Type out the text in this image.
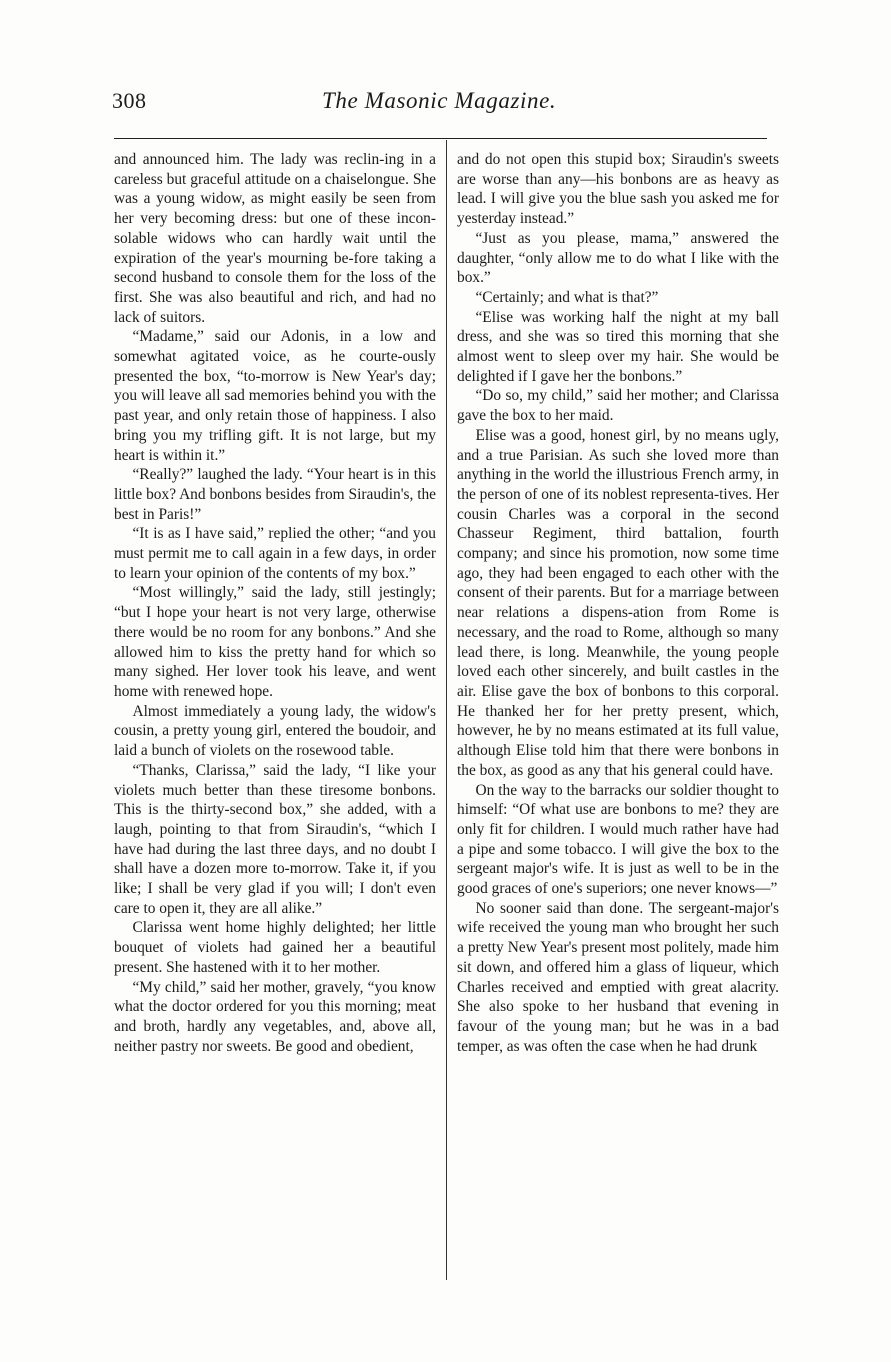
308	The Masonic Magazine.

and announced him. The lady was reclin-ing in a careless but graceful attitude on a chaiselongue. She was a young widow, as might easily be seen from her very becoming dress: but one of these incon-solable widows who can hardly wait until the expiration of the year's mourning be-fore taking a second husband to console them for the loss of the first. She was also beautiful and rich, and had no lack of suitors.

“Madame,” said our Adonis, in a low and somewhat agitated voice, as he courte-ously presented the box, “to-morrow is New Year's day; you will leave all sad memories behind you with the past year, and only retain those of happiness. I also bring you my trifling gift. It is not large, but my heart is within it.”

“Really?” laughed the lady. “Your heart is in this little box? And bonbons besides from Siraudin's, the best in Paris!”

“It is as I have said,” replied the other; “and you must permit me to call again in a few days, in order to learn your opinion of the contents of my box.”

“Most willingly,” said the lady, still jestingly; “but I hope your heart is not very large, otherwise there would be no room for any bonbons.” And she allowed him to kiss the pretty hand for which so many sighed. Her lover took his leave, and went home with renewed hope.

Almost immediately a young lady, the widow's cousin, a pretty young girl, entered the boudoir, and laid a bunch of violets on the rosewood table.

“Thanks, Clarissa,” said the lady, “I like your violets much better than these tiresome bonbons. This is the thirty-second box,” she added, with a laugh, pointing to that from Siraudin's, “which I have had during the last three days, and no doubt I shall have a dozen more to-morrow. Take it, if you like; I shall be very glad if you will; I don't even care to open it, they are all alike.”

Clarissa went home highly delighted; her little bouquet of violets had gained her a beautiful present. She hastened with it to her mother.

“My child,” said her mother, gravely, “you know what the doctor ordered for you this morning; meat and broth, hardly any vegetables, and, above all, neither pastry nor sweets. Be good and obedient,

and do not open this stupid box; Siraudin's sweets are worse than any—his bonbons are as heavy as lead. I will give you the blue sash you asked me for yesterday instead.”

“Just as you please, mama,” answered the daughter, “only allow me to do what I like with the box.”

“Certainly; and what is that?”

“Elise was working half the night at my ball dress, and she was so tired this morning that she almost went to sleep over my hair. She would be delighted if I gave her the bonbons.”

“Do so, my child,” said her mother; and Clarissa gave the box to her maid.

Elise was a good, honest girl, by no means ugly, and a true Parisian. As such she loved more than anything in the world the illustrious French army, in the person of one of its noblest representa-tives. Her cousin Charles was a corporal in the second Chasseur Regiment, third battalion, fourth company; and since his promotion, now some time ago, they had been engaged to each other with the consent of their parents. But for a marriage between near relations a dispens-ation from Rome is necessary, and the road to Rome, although so many lead there, is long. Meanwhile, the young people loved each other sincerely, and built castles in the air. Elise gave the box of bonbons to this corporal. He thanked her for her pretty present, which, however, he by no means estimated at its full value, although Elise told him that there were bonbons in the box, as good as any that his general could have.

On the way to the barracks our soldier thought to himself: “Of what use are bonbons to me? they are only fit for children. I would much rather have had a pipe and some tobacco. I will give the box to the sergeant major's wife. It is just as well to be in the good graces of one's superiors; one never knows—”

No sooner said than done. The sergeant-major's wife received the young man who brought her such a pretty New Year's present most politely, made him sit down, and offered him a glass of liqueur, which Charles received and emptied with great alacrity. She also spoke to her husband that evening in favour of the young man; but he was in a bad temper, as was often the case when he had drunk
